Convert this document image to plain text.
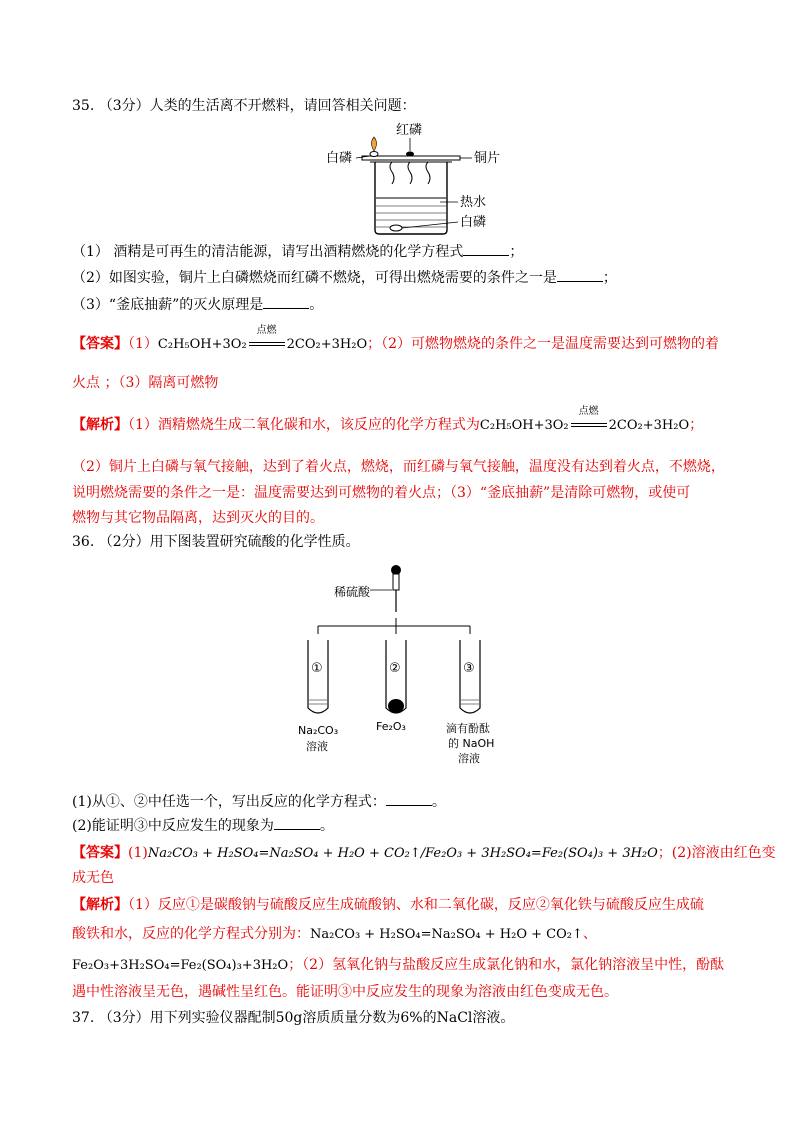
35. （3分）人类的生活离不开燃料，请回答相关问题：
红磷
白磷	铜片
热水
白磷
（1） 酒精是可再生的清洁能源，请写出酒精燃烧的化学方程式	；
（2）如图实验，铜片上白磷燃烧而红磷不燃烧，可得出燃烧需要的条件之一是	；
（3）“釜底抽薪”的灭火原理是	。
【答案】（1）C₂H₅OH+3O₂
点燃
2CO₂+3H₂O；（2）可燃物燃烧的条件之一是温度需要达到可燃物的着
火点 ；（3）隔离可燃物
【解析】（1）酒精燃烧生成二氧化碳和水，该反应的化学方程式为C₂H₅OH+3O₂
点燃
2CO₂+3H₂O；
（2）铜片上白磷与氧气接触，达到了着火点，燃烧，而红磷与氧气接触，温度没有达到着火点，不燃烧，
说明燃烧需要的条件之一是：温度需要达到可燃物的着火点；（3）“釜底抽薪”是清除可燃物，或使可
燃物与其它物品隔离，达到灭火的目的。
36. （2分）用下图装置研究硫酸的化学性质。
稀硫酸
①	②	③
Na₂CO₃
溶液
Fe₂O₃	滴有酚酞
的 NaOH
溶液
(1)从①、②中任选一个，写出反应的化学方程式：	。
(2)能证明③中反应发生的现象为	。
【答案】(1)Na₂CO₃ + H₂SO₄=Na₂SO₄ + H₂O + CO₂↑/Fe₂O₃ + 3H₂SO₄=Fe₂(SO₄)₃ + 3H₂O；(2)溶液由红色变
成无色
【解析】（1）反应①是碳酸钠与硫酸反应生成硫酸钠、水和二氧化碳，反应②氧化铁与硫酸反应生成硫
酸铁和水，反应的化学方程式分别为：Na₂CO₃ + H₂SO₄=Na₂SO₄ + H₂O + CO₂↑、
Fe₂O₃+3H₂SO₄=Fe₂(SO₄)₃+3H₂O；（2）氢氧化钠与盐酸反应生成氯化钠和水，氯化钠溶液呈中性，酚酞
遇中性溶液呈无色，遇碱性呈红色。能证明③中反应发生的现象为溶液由红色变成无色。
37. （3分）用下列实验仪器配制50g溶质质量分数为6%的NaCl溶液。
